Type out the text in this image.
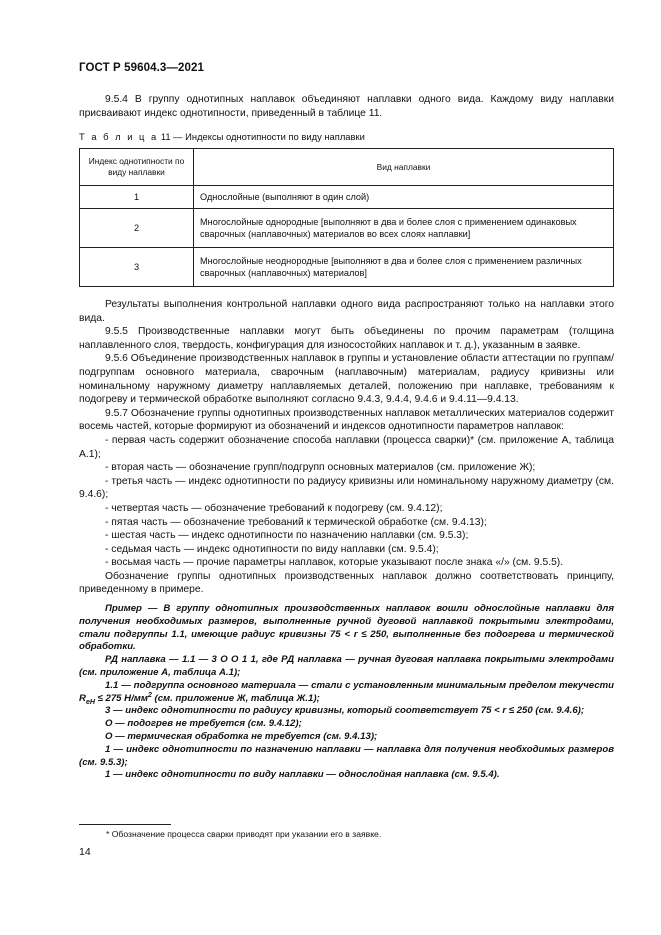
ГОСТ Р 59604.3—2021

9.5.4 В группу однотипных наплавок объединяют наплавки одного вида. Каждому виду наплавки присваивают индекс однотипности, приведенный в таблице 11.

Т а б л и ц а 11 — Индексы однотипности по виду наплавки
Индекс однотипности по виду наплавки	Вид наплавки
1	Однослойные (выполняют в один слой)
2	Многослойные однородные [выполняют в два и более слоя с применением одинаковых сварочных (наплавочных) материалов во всех слоях наплавки]
3	Многослойные неоднородные [выполняют в два и более слоя с применением различных сварочных (наплавочных) материалов]

Результаты выполнения контрольной наплавки одного вида распространяют только на наплавки этого вида.

9.5.5 Производственные наплавки могут быть объединены по прочим параметрам (толщина наплавленного слоя, твердость, конфигурация для износостойких наплавок и т. д.), указанным в заявке.

9.5.6 Объединение производственных наплавок в группы и установление области аттестации по группам/подгруппам основного материала, сварочным (наплавочным) материалам, радиусу кривизны или номинальному наружному диаметру наплавляемых деталей, положению при наплавке, требованиям к подогреву и термической обработке выполняют согласно 9.4.3, 9.4.4, 9.4.6 и 9.4.11—9.4.13.

9.5.7 Обозначение группы однотипных производственных наплавок металлических материалов содержит восемь частей, которые формируют из обозначений и индексов однотипности параметров наплавок:

- первая часть содержит обозначение способа наплавки (процесса сварки)* (см. приложение А, таблица А.1);

- вторая часть — обозначение групп/подгрупп основных материалов (см. приложение Ж);

- третья часть — индекс однотипности по радиусу кривизны или номинальному наружному диаметру (см. 9.4.6);

- четвертая часть — обозначение требований к подогреву (см. 9.4.12);

- пятая часть — обозначение требований к термической обработке (см. 9.4.13);

- шестая часть — индекс однотипности по назначению наплавки (см. 9.5.3);

- седьмая часть — индекс однотипности по виду наплавки (см. 9.5.4);

- восьмая часть — прочие параметры наплавок, которые указывают после знака «/» (см. 9.5.5).

Обозначение группы однотипных производственных наплавок должно соответствовать принципу, приведенному в примере.

Пример — В группу однотипных производственных наплавок вошли однослойные наплавки для получения необходимых размеров, выполненные ручной дуговой наплавкой покрытыми электродами, стали подгруппы 1.1, имеющие радиус кривизны 75 < r ≤ 250, выполненные без подогрева и термической обработки.

РД наплавка — 1.1 — 3 О О 1 1, где РД наплавка — ручная дуговая наплавка покрытыми электродами (см. приложение А, таблица А.1);

1.1 — подгруппа основного материала — стали с установленным минимальным пределом текучести $R_{eH} \le 275$ $Н/мм^2$ (см. приложение Ж, таблица Ж.1);

3 — индекс однотипности по радиусу кривизны, который соответствует 75 < r ≤ 250 (см. 9.4.6);

О — подогрев не требуется (см. 9.4.12);

О — термическая обработка не требуется (см. 9.4.13);

1 — индекс однотипности по назначению наплавки — наплавка для получения необходимых размеров (см. 9.5.3);

1 — индекс однотипности по виду наплавки — однослойная наплавка (см. 9.5.4).

* Обозначение процесса сварки приводят при указании его в заявке.
14
